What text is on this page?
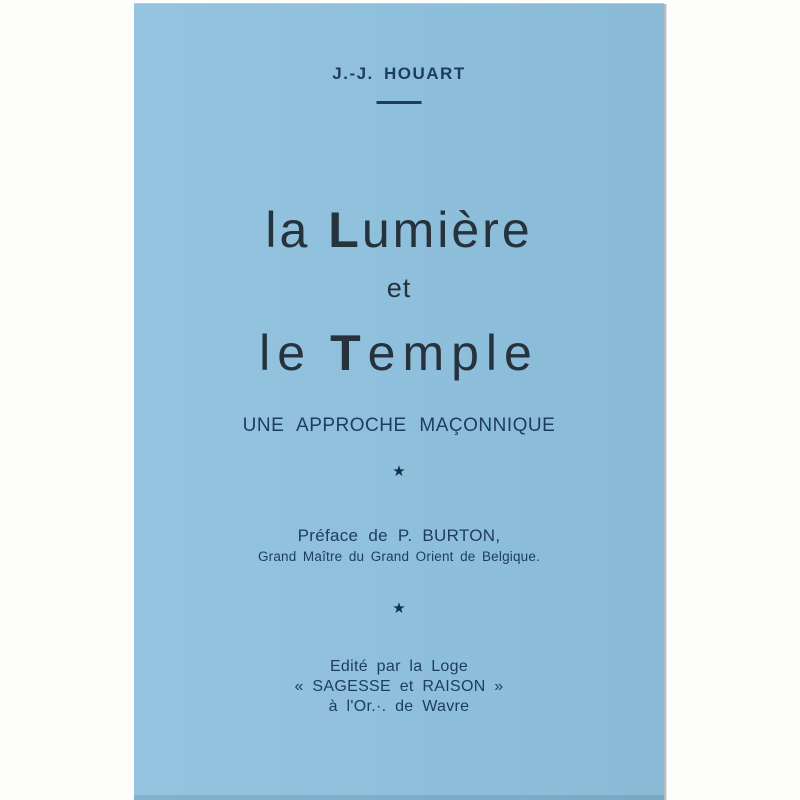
J.-J. HOUART
la Lumière
et
le Temple
UNE APPROCHE MAÇONNIQUE
★
Préface de P. BURTON,
Grand Maître du Grand Orient de Belgique.
★
Edité par la Loge
« SAGESSE et RAISON »
à l'Or.·. de Wavre
